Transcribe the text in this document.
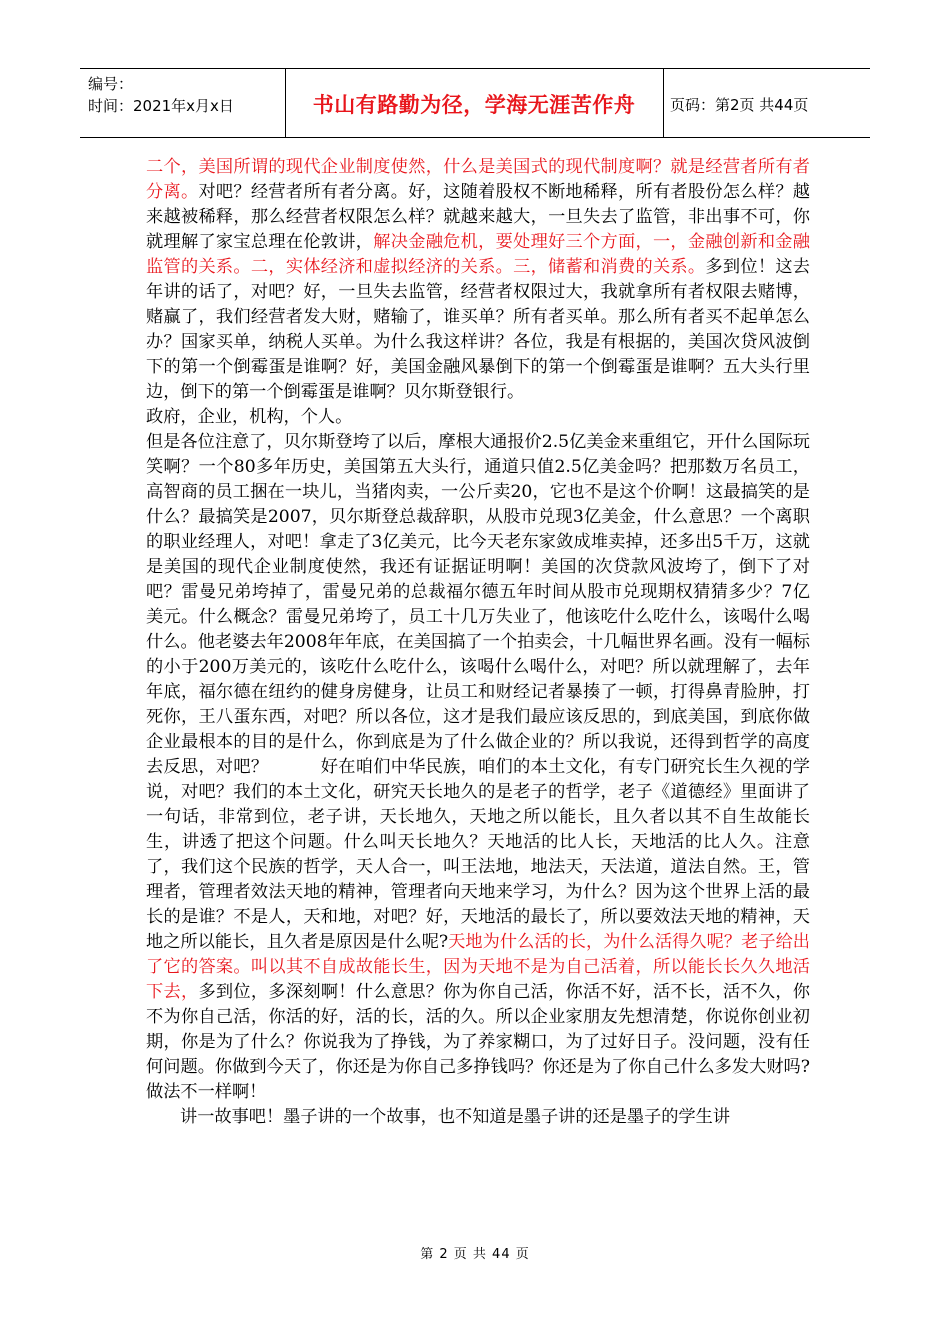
编号：
时间：2021年x月x日	书山有路勤为径，学海无涯苦作舟	页码：第2页 共44页

二个，美国所谓的现代企业制度使然，什么是美国式的现代制度啊？就是经营者所有者分离。对吧？经营者所有者分离。好，这随着股权不断地稀释，所有者股份怎么样？越来越被稀释，那么经营者权限怎么样？就越来越大，一旦失去了监管，非出事不可，你就理解了家宝总理在伦敦讲，解决金融危机，要处理好三个方面，一，金融创新和金融监管的关系。二，实体经济和虚拟经济的关系。三，储蓄和消费的关系。多到位！这去年讲的话了，对吧？好，一旦失去监管，经营者权限过大，我就拿所有者权限去赌博，赌赢了，我们经营者发大财，赌输了，谁买单？所有者买单。那么所有者买不起单怎么办？国家买单，纳税人买单。为什么我这样讲？各位，我是有根据的，美国次贷风波倒下的第一个倒霉蛋是谁啊？好，美国金融风暴倒下的第一个倒霉蛋是谁啊？五大头行里边，倒下的第一个倒霉蛋是谁啊？贝尔斯登银行。

政府，企业，机构，个人。

但是各位注意了，贝尔斯登垮了以后，摩根大通报价2.5亿美金来重组它，开什么国际玩笑啊？一个80多年历史，美国第五大头行，通道只值2.5亿美金吗？把那数万名员工，高智商的员工捆在一块儿，当猪肉卖，一公斤卖20，它也不是这个价啊！这最搞笑的是什么？最搞笑是2007，贝尔斯登总裁辞职，从股市兑现3亿美金，什么意思？一个离职的职业经理人，对吧！拿走了3亿美元，比今天老东家敛成堆卖掉，还多出5千万，这就是美国的现代企业制度使然，我还有证据证明啊！美国的次贷款风波垮了，倒下了对吧？雷曼兄弟垮掉了，雷曼兄弟的总裁福尔德五年时间从股市兑现期权猜猜多少？7亿美元。什么概念？雷曼兄弟垮了，员工十几万失业了，他该吃什么吃什么，该喝什么喝什么。他老婆去年2008年年底，在美国搞了一个拍卖会，十几幅世界名画。没有一幅标的小于200万美元的，该吃什么吃什么，该喝什么喝什么，对吧？所以就理解了，去年年底，福尔德在纽约的健身房健身，让员工和财经记者暴揍了一顿，打得鼻青脸肿，打死你，王八蛋东西，对吧？所以各位，这才是我们最应该反思的，到底美国，到底你做企业最根本的目的是什么，你到底是为了什么做企业的？所以我说，还得到哲学的高度去反思，对吧？　　　好在咱们中华民族，咱们的本土文化，有专门研究长生久视的学说，对吧？我们的本土文化，研究天长地久的是老子的哲学，老子《道德经》里面讲了一句话，非常到位，老子讲，天长地久，天地之所以能长，且久者以其不自生故能长生，讲透了把这个问题。什么叫天长地久？天地活的比人长，天地活的比人久。注意了，我们这个民族的哲学，天人合一，叫王法地，地法天，天法道，道法自然。王，管理者，管理者效法天地的精神，管理者向天地来学习，为什么？因为这个世界上活的最长的是谁？不是人，天和地，对吧？好，天地活的最长了，所以要效法天地的精神，天地之所以能长，且久者是原因是什么呢?天地为什么活的长，为什么活得久呢？老子给出了它的答案。叫以其不自成故能长生，因为天地不是为自己活着，所以能长长久久地活下去，多到位，多深刻啊！什么意思？你为你自己活，你活不好，活不长，活不久，你不为你自己活，你活的好，活的长，活的久。所以企业家朋友先想清楚，你说你创业初期，你是为了什么？你说我为了挣钱，为了养家糊口，为了过好日子。没问题，没有任何问题。你做到今天了，你还是为你自己多挣钱吗？你还是为了你自己什么多发大财吗?做法不一样啊！

讲一故事吧！墨子讲的一个故事，也不知道是墨子讲的还是墨子的学生讲

第 2 页 共 44 页
